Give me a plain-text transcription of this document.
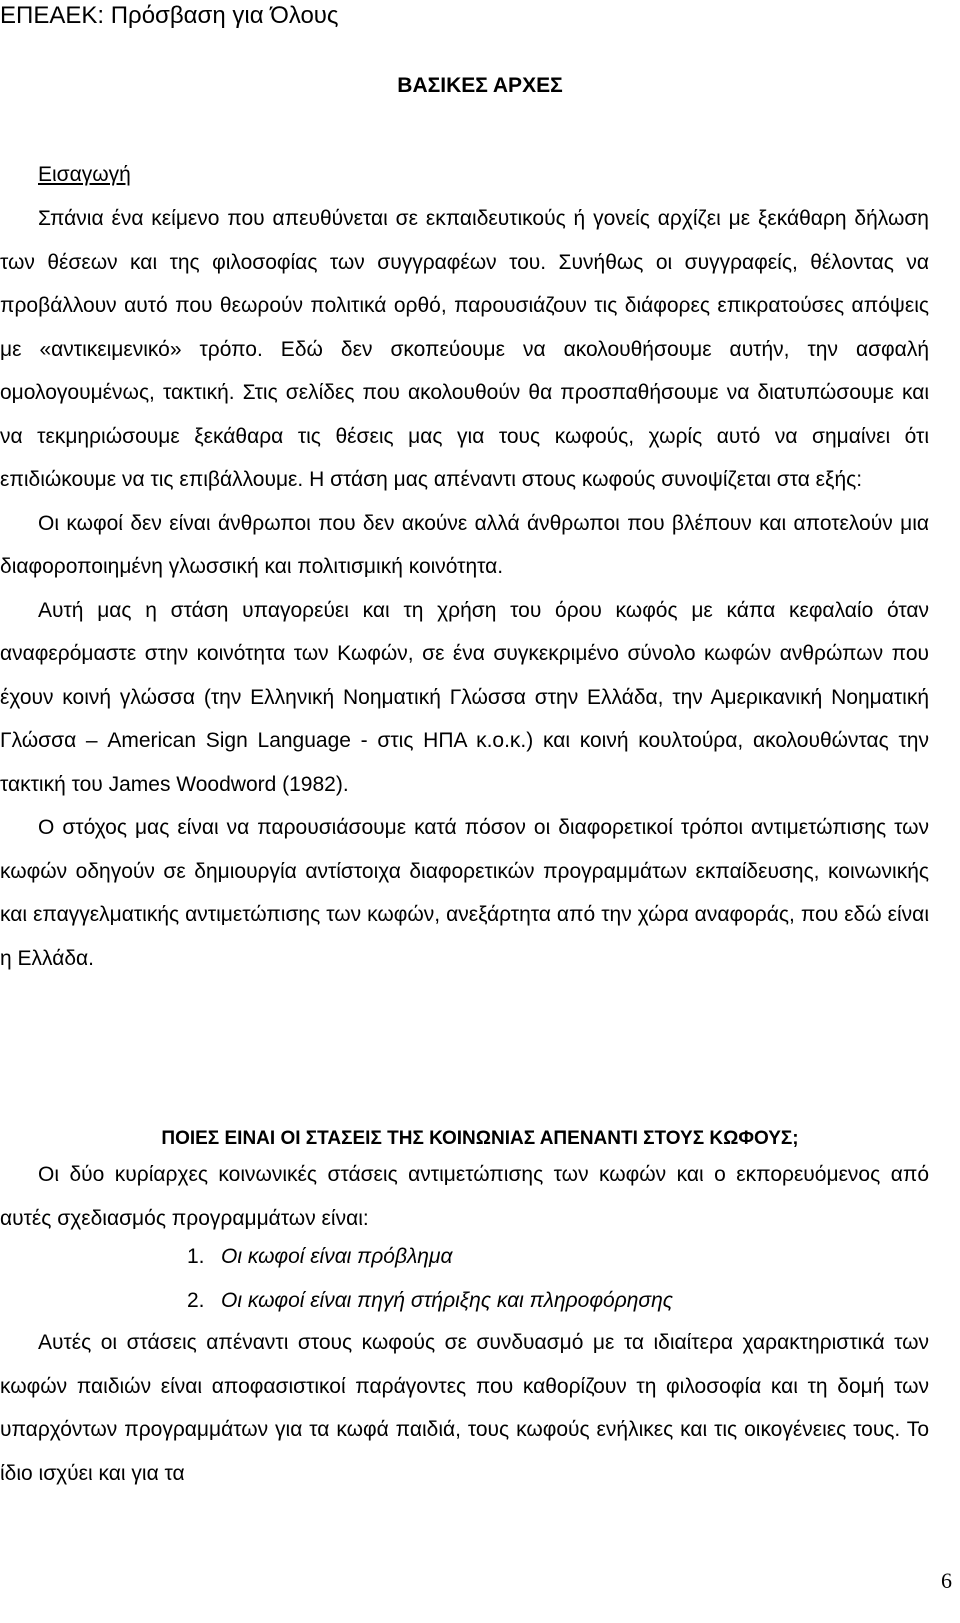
ΕΠΕΑΕΚ: Πρόσβαση για Όλους
ΒΑΣΙΚΕΣ ΑΡΧΕΣ
Εισαγωγή

Σπάνια ένα κείμενο που απευθύνεται σε εκπαιδευτικούς ή γονείς αρχίζει με ξεκάθαρη δήλωση των θέσεων και της φιλοσοφίας των συγγραφέων του. Συνήθως οι συγγραφείς, θέλοντας να προβάλλουν αυτό που θεωρούν πολιτικά ορθό, παρουσιάζουν τις διάφορες επικρατούσες απόψεις με «αντικειμενικό» τρόπο. Εδώ δεν σκοπεύουμε να ακολουθήσουμε αυτήν, την ασφαλή ομολογουμένως, τακτική. Στις σελίδες που ακολουθούν θα προσπαθήσουμε να διατυπώσουμε και να τεκμηριώσουμε ξεκάθαρα τις θέσεις μας για τους κωφούς, χωρίς αυτό να σημαίνει ότι επιδιώκουμε να τις επιβάλλουμε. Η στάση μας απέναντι στους κωφούς συνοψίζεται στα εξής:

Οι κωφοί δεν είναι άνθρωποι που δεν ακούνε αλλά άνθρωποι που βλέπουν και αποτελούν μια διαφοροποιημένη γλωσσική και πολιτισμική κοινότητα.

Αυτή μας η στάση υπαγορεύει και τη χρήση του όρου κωφός με κάπα κεφαλαίο όταν αναφερόμαστε στην κοινότητα των Κωφών, σε ένα συγκεκριμένο σύνολο κωφών ανθρώπων που έχουν κοινή γλώσσα (την Ελληνική Νοηματική Γλώσσα στην Ελλάδα, την Αμερικανική Νοηματική Γλώσσα – American Sign Language - στις ΗΠΑ κ.ο.κ.) και κοινή κουλτούρα, ακολουθώντας την τακτική του James Woodword (1982).

Ο στόχος μας είναι να παρουσιάσουμε κατά πόσον οι διαφορετικοί τρόποι αντιμετώπισης των κωφών οδηγούν σε δημιουργία αντίστοιχα διαφορετικών προγραμμάτων εκπαίδευσης, κοινωνικής και επαγγελματικής αντιμετώπισης των κωφών, ανεξάρτητα από την χώρα αναφοράς, που εδώ είναι η Ελλάδα.

ΠΟΙΕΣ ΕΙΝΑΙ ΟΙ ΣΤΑΣΕΙΣ ΤΗΣ ΚΟΙΝΩΝΙΑΣ ΑΠΕΝΑΝΤΙ ΣΤΟΥΣ ΚΩΦΟΥΣ;

Οι δύο κυρίαρχες κοινωνικές στάσεις αντιμετώπισης των κωφών και ο εκπορευόμενος από αυτές σχεδιασμός προγραμμάτων είναι:

1. Οι κωφοί είναι πρόβλημα
2. Οι κωφοί είναι πηγή στήριξης και πληροφόρησης

Αυτές οι στάσεις απέναντι στους κωφούς σε συνδυασμό με τα ιδιαίτερα χαρακτηριστικά των κωφών παιδιών είναι αποφασιστικοί παράγοντες που καθορίζουν τη φιλοσοφία και τη δομή των υπαρχόντων προγραμμάτων για τα κωφά παιδιά, τους κωφούς ενήλικες και τις οικογένειες τους. Το ίδιο ισχύει και για τα

6
